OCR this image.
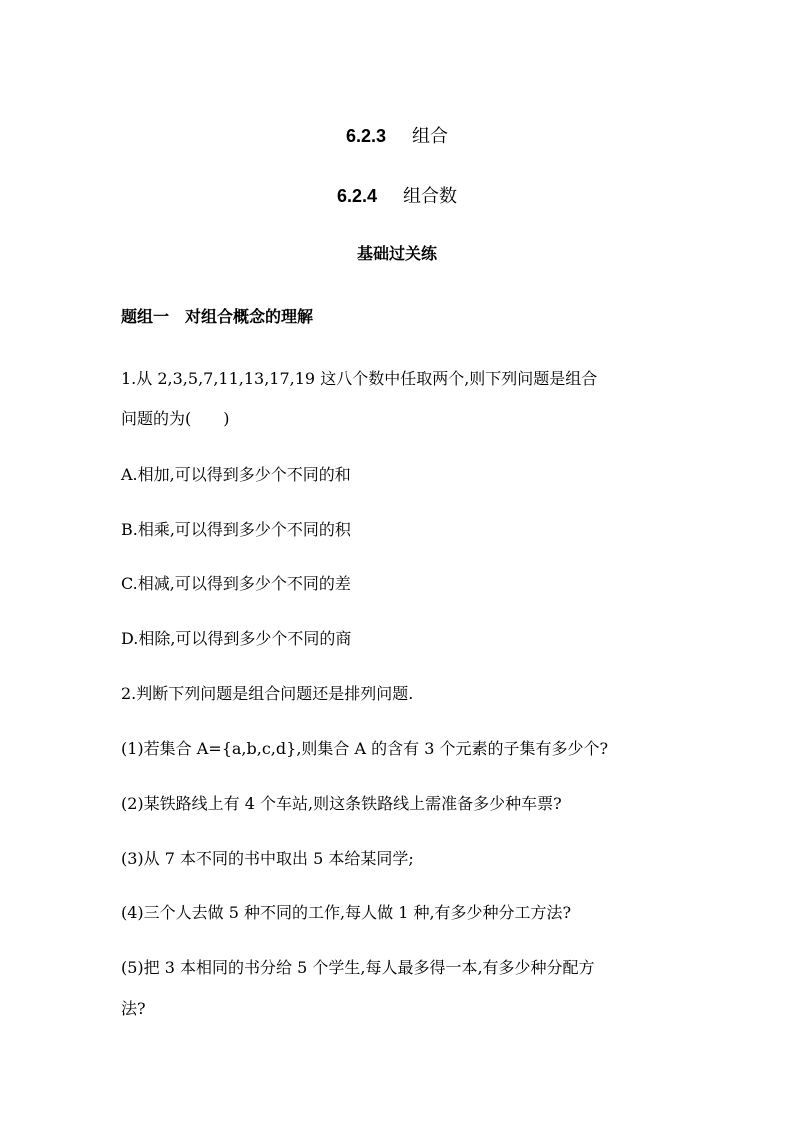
6.2.3 组合
6.2.4 组合数
基础过关练
题组一　对组合概念的理解
1.从 2,3,5,7,11,13,17,19 这八个数中任取两个,则下列问题是组合
问题的为(　　)
A.相加,可以得到多少个不同的和
B.相乘,可以得到多少个不同的积
C.相减,可以得到多少个不同的差
D.相除,可以得到多少个不同的商
2.判断下列问题是组合问题还是排列问题.
(1)若集合 A={a,b,c,d},则集合 A 的含有 3 个元素的子集有多少个?
(2)某铁路线上有 4 个车站,则这条铁路线上需准备多少种车票?
(3)从 7 本不同的书中取出 5 本给某同学;
(4)三个人去做 5 种不同的工作,每人做 1 种,有多少种分工方法?
(5)把 3 本相同的书分给 5 个学生,每人最多得一本,有多少种分配方
法?
